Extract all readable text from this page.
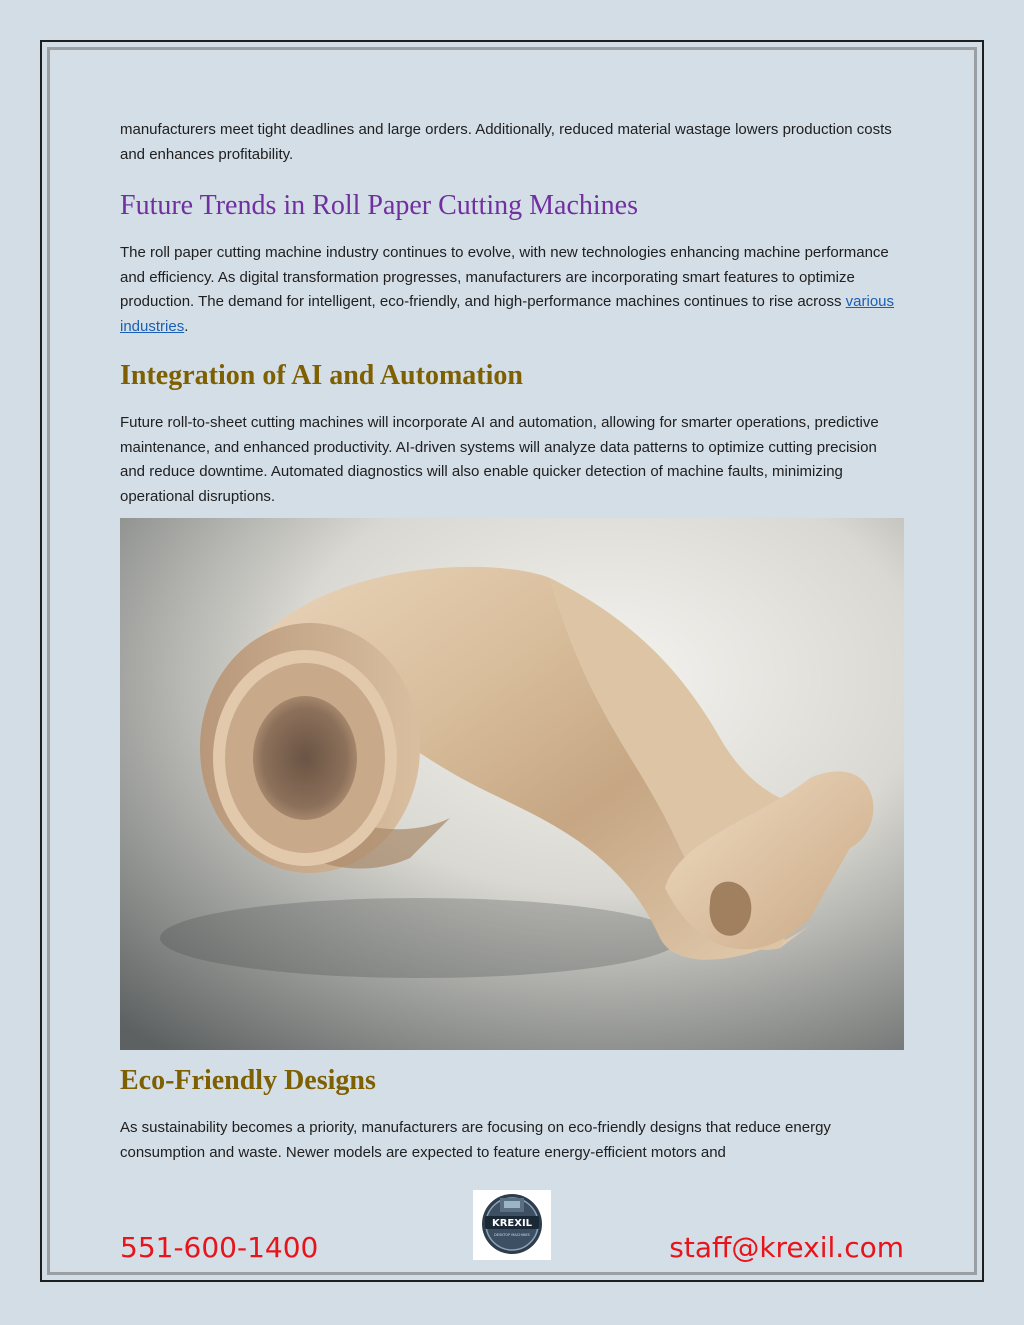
manufacturers meet tight deadlines and large orders. Additionally, reduced material wastage lowers production costs and enhances profitability.

Future Trends in Roll Paper Cutting Machines

The roll paper cutting machine industry continues to evolve, with new technologies enhancing machine performance and efficiency. As digital transformation progresses, manufacturers are incorporating smart features to optimize production. The demand for intelligent, eco-friendly, and high-performance machines continues to rise across various industries.

Integration of AI and Automation

Future roll-to-sheet cutting machines will incorporate AI and automation, allowing for smarter operations, predictive maintenance, and enhanced productivity. AI-driven systems will analyze data patterns to optimize cutting precision and reduce downtime. Automated diagnostics will also enable quicker detection of machine faults, minimizing operational disruptions.

Eco-Friendly Designs

As sustainability becomes a priority, manufacturers are focusing on eco-friendly designs that reduce energy consumption and waste. Newer models are expected to feature energy-efficient motors and

KREXIL
DESKTOP MACHINES
551-600-1400	staff@krexil.com
